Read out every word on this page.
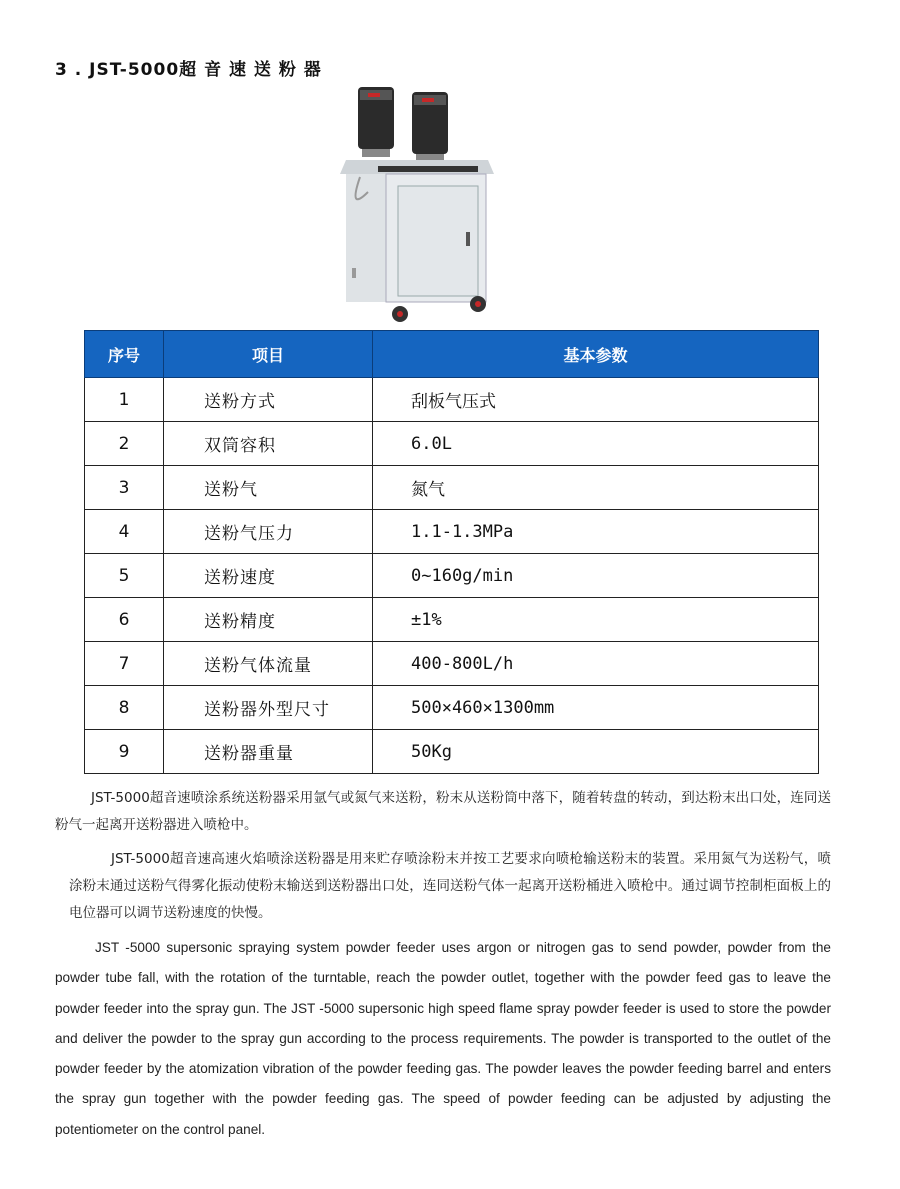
3 . JST-5000超 音 速 送 粉 器
序号	项目	基本参数
1	送粉方式	刮板气压式
2	双筒容积	6.0L
3	送粉气	氮气
4	送粉气压力	1.1-1.3MPa
5	送粉速度	0~160g/min
6	送粉精度	±1%
7	送粉气体流量	400-800L/h
8	送粉器外型尺寸	500×460×1300mm
9	送粉器重量	50Kg

JST-5000超音速喷涂系统送粉器采用氩气或氮气来送粉，粉末从送粉筒中落下，随着转盘的转动，到达粉末出口处，连同送粉气一起离开送粉器进入喷枪中。

JST-5000超音速高速火焰喷涂送粉器是用来贮存喷涂粉末并按工艺要求向喷枪输送粉末的装置。采用氮气为送粉气，喷涂粉末通过送粉气得雾化振动使粉末输送到送粉器出口处，连同送粉气体一起离开送粉桶进入喷枪中。通过调节控制柜面板上的电位器可以调节送粉速度的快慢。

JST -5000 supersonic spraying system powder feeder uses argon or nitrogen gas to send powder, powder from the powder tube fall, with the rotation of the turntable, reach the powder outlet, together with the powder feed gas to leave the powder feeder into the spray gun. The JST -5000 supersonic high speed flame spray powder feeder is used to store the powder and deliver the powder to the spray gun according to the process requirements. The powder is transported to the outlet of the powder feeder by the atomization vibration of the powder feeding gas. The powder leaves the powder feeding barrel and enters the spray gun together with the powder feeding gas. The speed of powder feeding can be adjusted by adjusting the potentiometer on the control panel.
